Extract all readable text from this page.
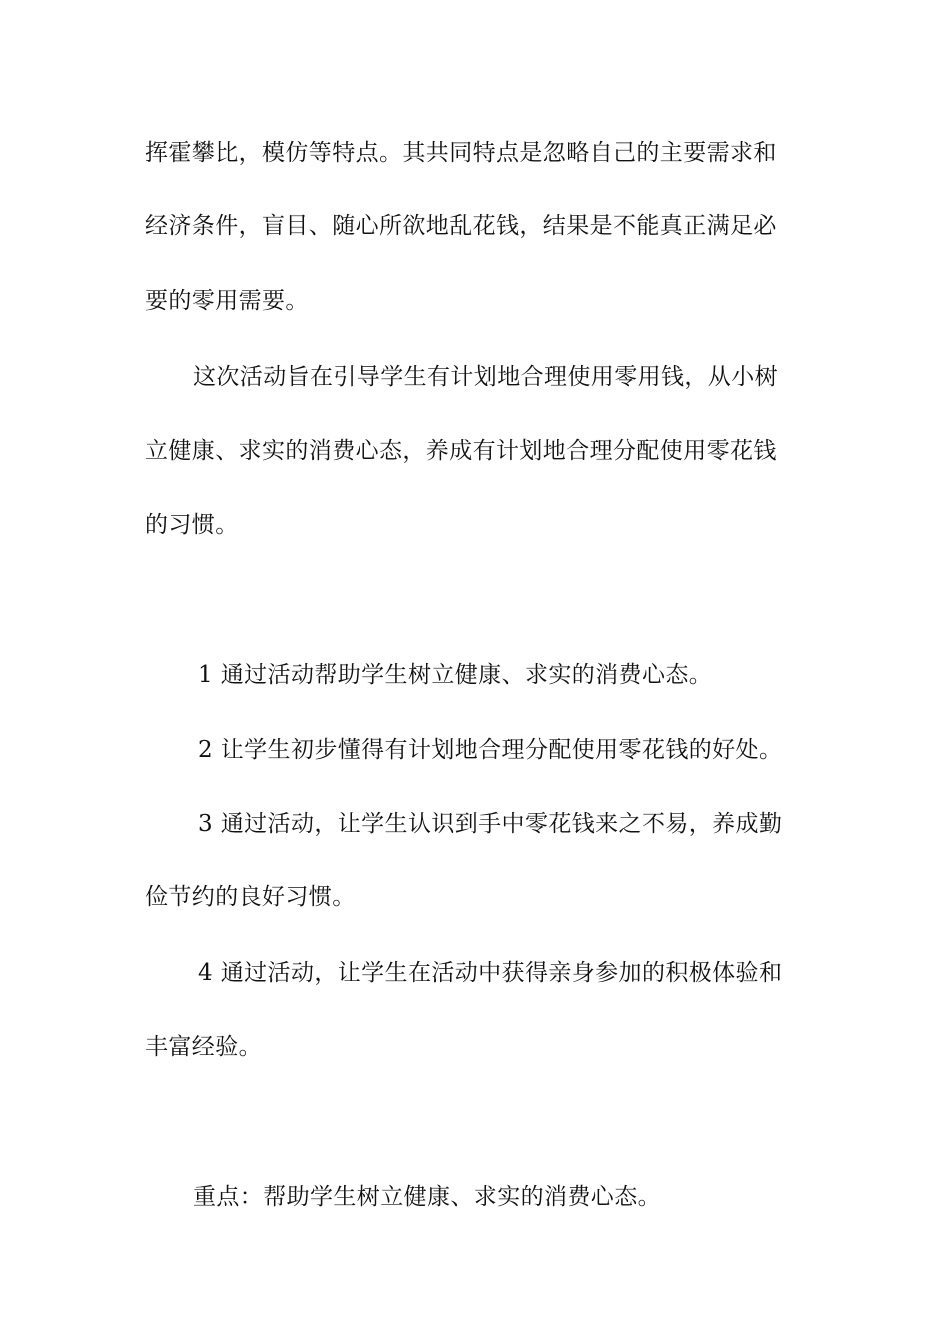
挥霍攀比，模仿等特点。其共同特点是忽略自己的主要需求和
经济条件，盲目、随心所欲地乱花钱，结果是不能真正满足必
要的零用需要。
这次活动旨在引导学生有计划地合理使用零用钱，从小树
立健康、求实的消费心态，养成有计划地合理分配使用零花钱
的习惯。
1 通过活动帮助学生树立健康、求实的消费心态。
2 让学生初步懂得有计划地合理分配使用零花钱的好处。
3 通过活动，让学生认识到手中零花钱来之不易，养成勤
俭节约的良好习惯。
4 通过活动，让学生在活动中获得亲身参加的积极体验和
丰富经验。
重点：帮助学生树立健康、求实的消费心态。
